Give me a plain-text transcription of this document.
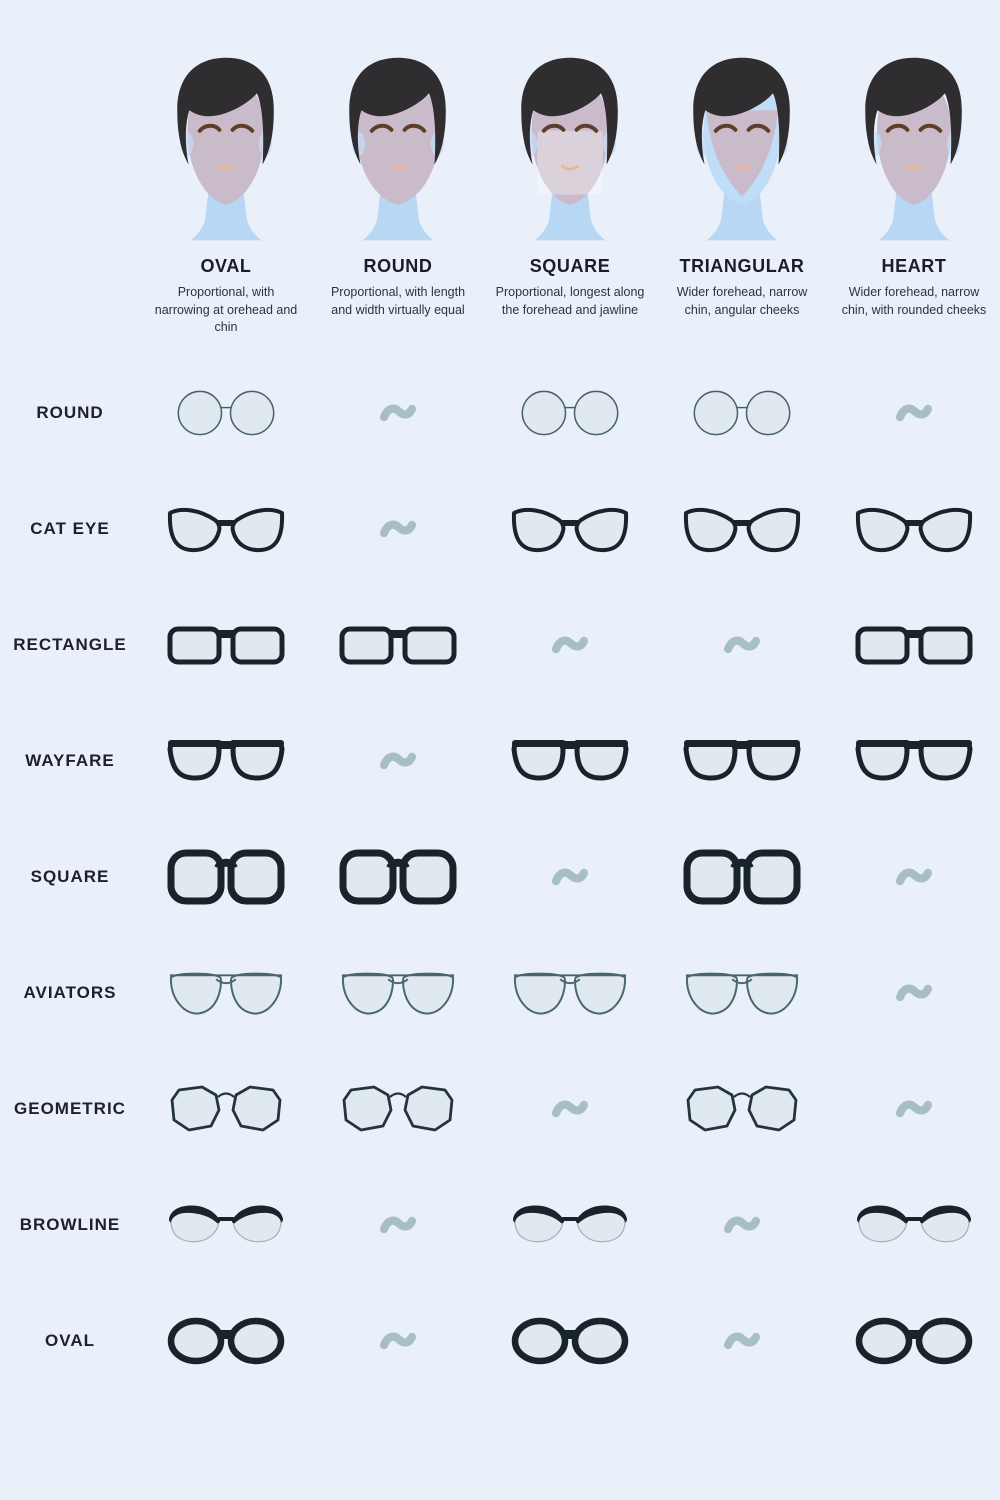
OVAL

Proportional, with narrowing at orehead and chin

ROUND

Proportional, with length and width virtually equal

SQUARE

Proportional, longest along the forehead and jawline

TRIANGULAR

Wider forehead, narrow chin, angular cheeks

HEART

Wider forehead, narrow chin, with rounded cheeks

ROUND
CAT EYE
RECTANGLE
WAYFARE
SQUARE
AVIATORS
GEOMETRIC
BROWLINE
OVAL
